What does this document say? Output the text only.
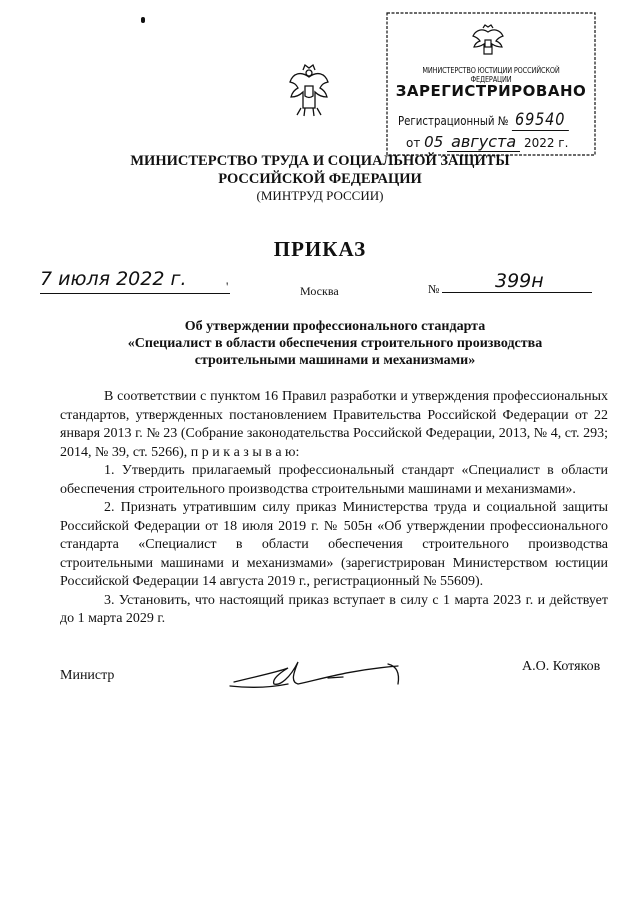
МИНИСТЕРСТВО ЮСТИЦИИ РОССИЙСКОЙ ФЕДЕРАЦИИ
ЗАРЕГИСТРИРОВАНО
Регистрационный № 69540
от 05 августа 2022 г.
МИНИСТЕРСТВО ТРУДА И СОЦИАЛЬНОЙ ЗАЩИТЫ
РОССИЙСКОЙ ФЕДЕРАЦИИ
(МИНТРУД РОССИИ)
ПРИКАЗ
7 июля 2022 г.	'	Москва	№	399н
Об утверждении профессионального стандарта
«Специалист в области обеспечения строительного производства
строительными машинами и механизмами»

В соответствии с пунктом 16 Правил разработки и утверждения профессиональных стандартов, утвержденных постановлением Правительства Российской Федерации от 22 января 2013 г. № 23 (Собрание законодательства Российской Федерации, 2013, № 4, ст. 293; 2014, № 39, ст. 5266), п р и к а з ы в а ю:

1. Утвердить прилагаемый профессиональный стандарт «Специалист в области обеспечения строительного производства строительными машинами и механизмами».

2. Признать утратившим силу приказ Министерства труда и социальной защиты Российской Федерации от 18 июля 2019 г. № 505н «Об утверждении профессионального стандарта «Специалист в области обеспечения строительного производства строительными машинами и механизмами» (зарегистрирован Министерством юстиции Российской Федерации 14 августа 2019 г., регистрационный № 55609).

3. Установить, что настоящий приказ вступает в силу с 1 марта 2023 г. и действует до 1 марта 2029 г.

Министр
А.О. Котяков
